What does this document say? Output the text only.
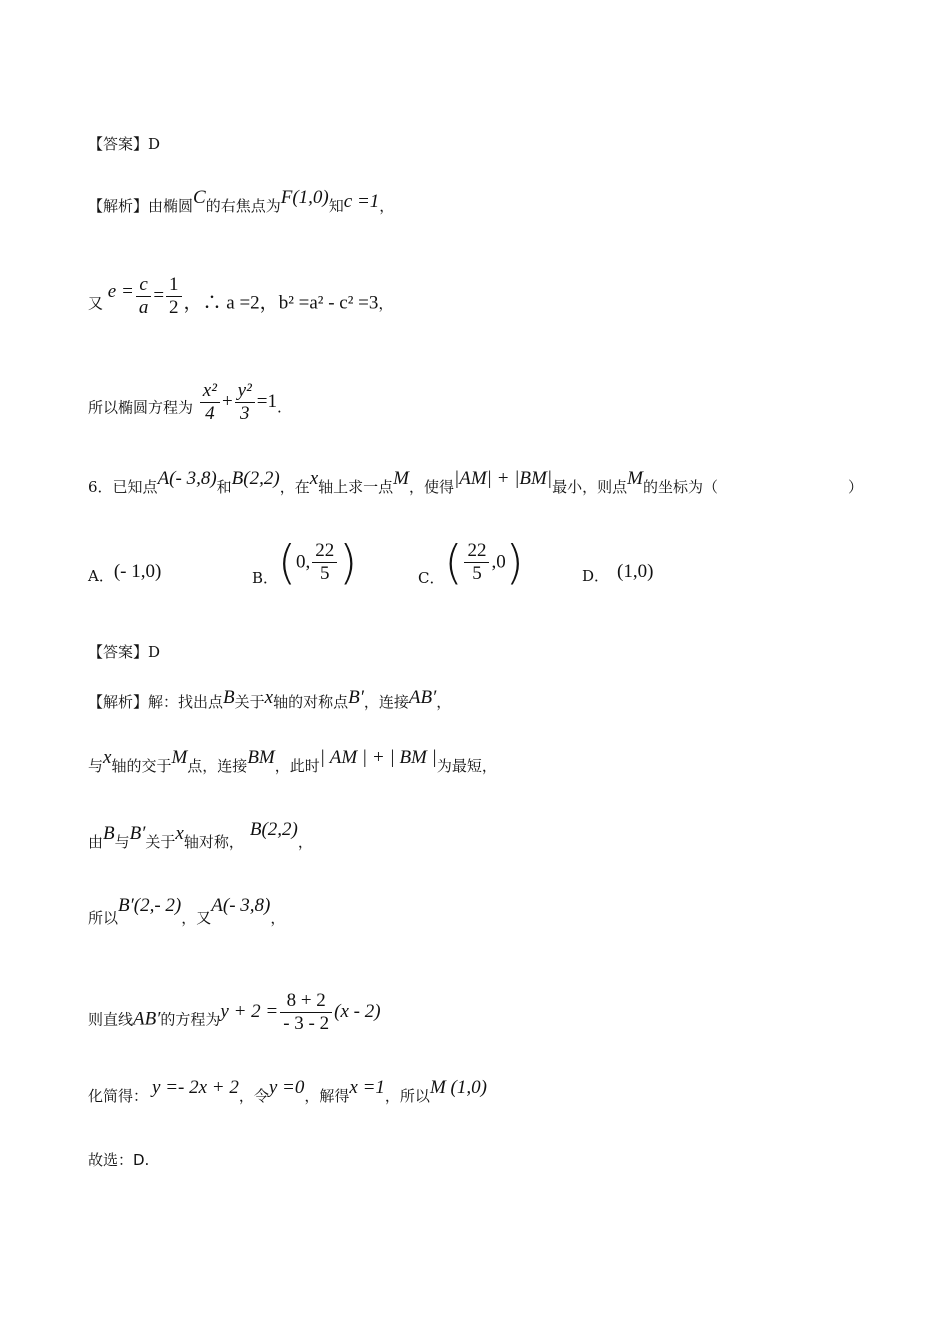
【答案】D
【解析】由椭圆C的右焦点为F(1,0)知c =1，
又 $e = \frac{c}{a} = \frac{1}{2}$ ，∴ a =2，b² =a² - c² =3，
所以椭圆方程为 $\frac{\text{x²}}{4} + \frac{\text{y²}}{3} =1$.
6．已知点A(- 3,8)和B(2,2)，在x轴上求一点M，使得|AM| + |BM|最小，则点M的坐标为（	）
A．(- 1,0)	B．(0, $\frac{22}{5}$ )	C．( $\frac{22}{5} ,0$)	D． (1,0)
【答案】D
【解析】解：找出点B关于x轴的对称点B′，连接AB′，
与x轴的交于M点，连接BM，此时| AM | + | BM |为最短，
由B与B′关于x轴对称，B(2,2)，
所以B′(2,- 2)，又A(- 3,8)，
则直线AB′的方程为$y + 2 = \frac{8 + 2}{- 3 - 2} (x - 2)$
化简得： y =- 2x + 2，令y =0，解得x =1，所以M (1,0)
故选：D.
